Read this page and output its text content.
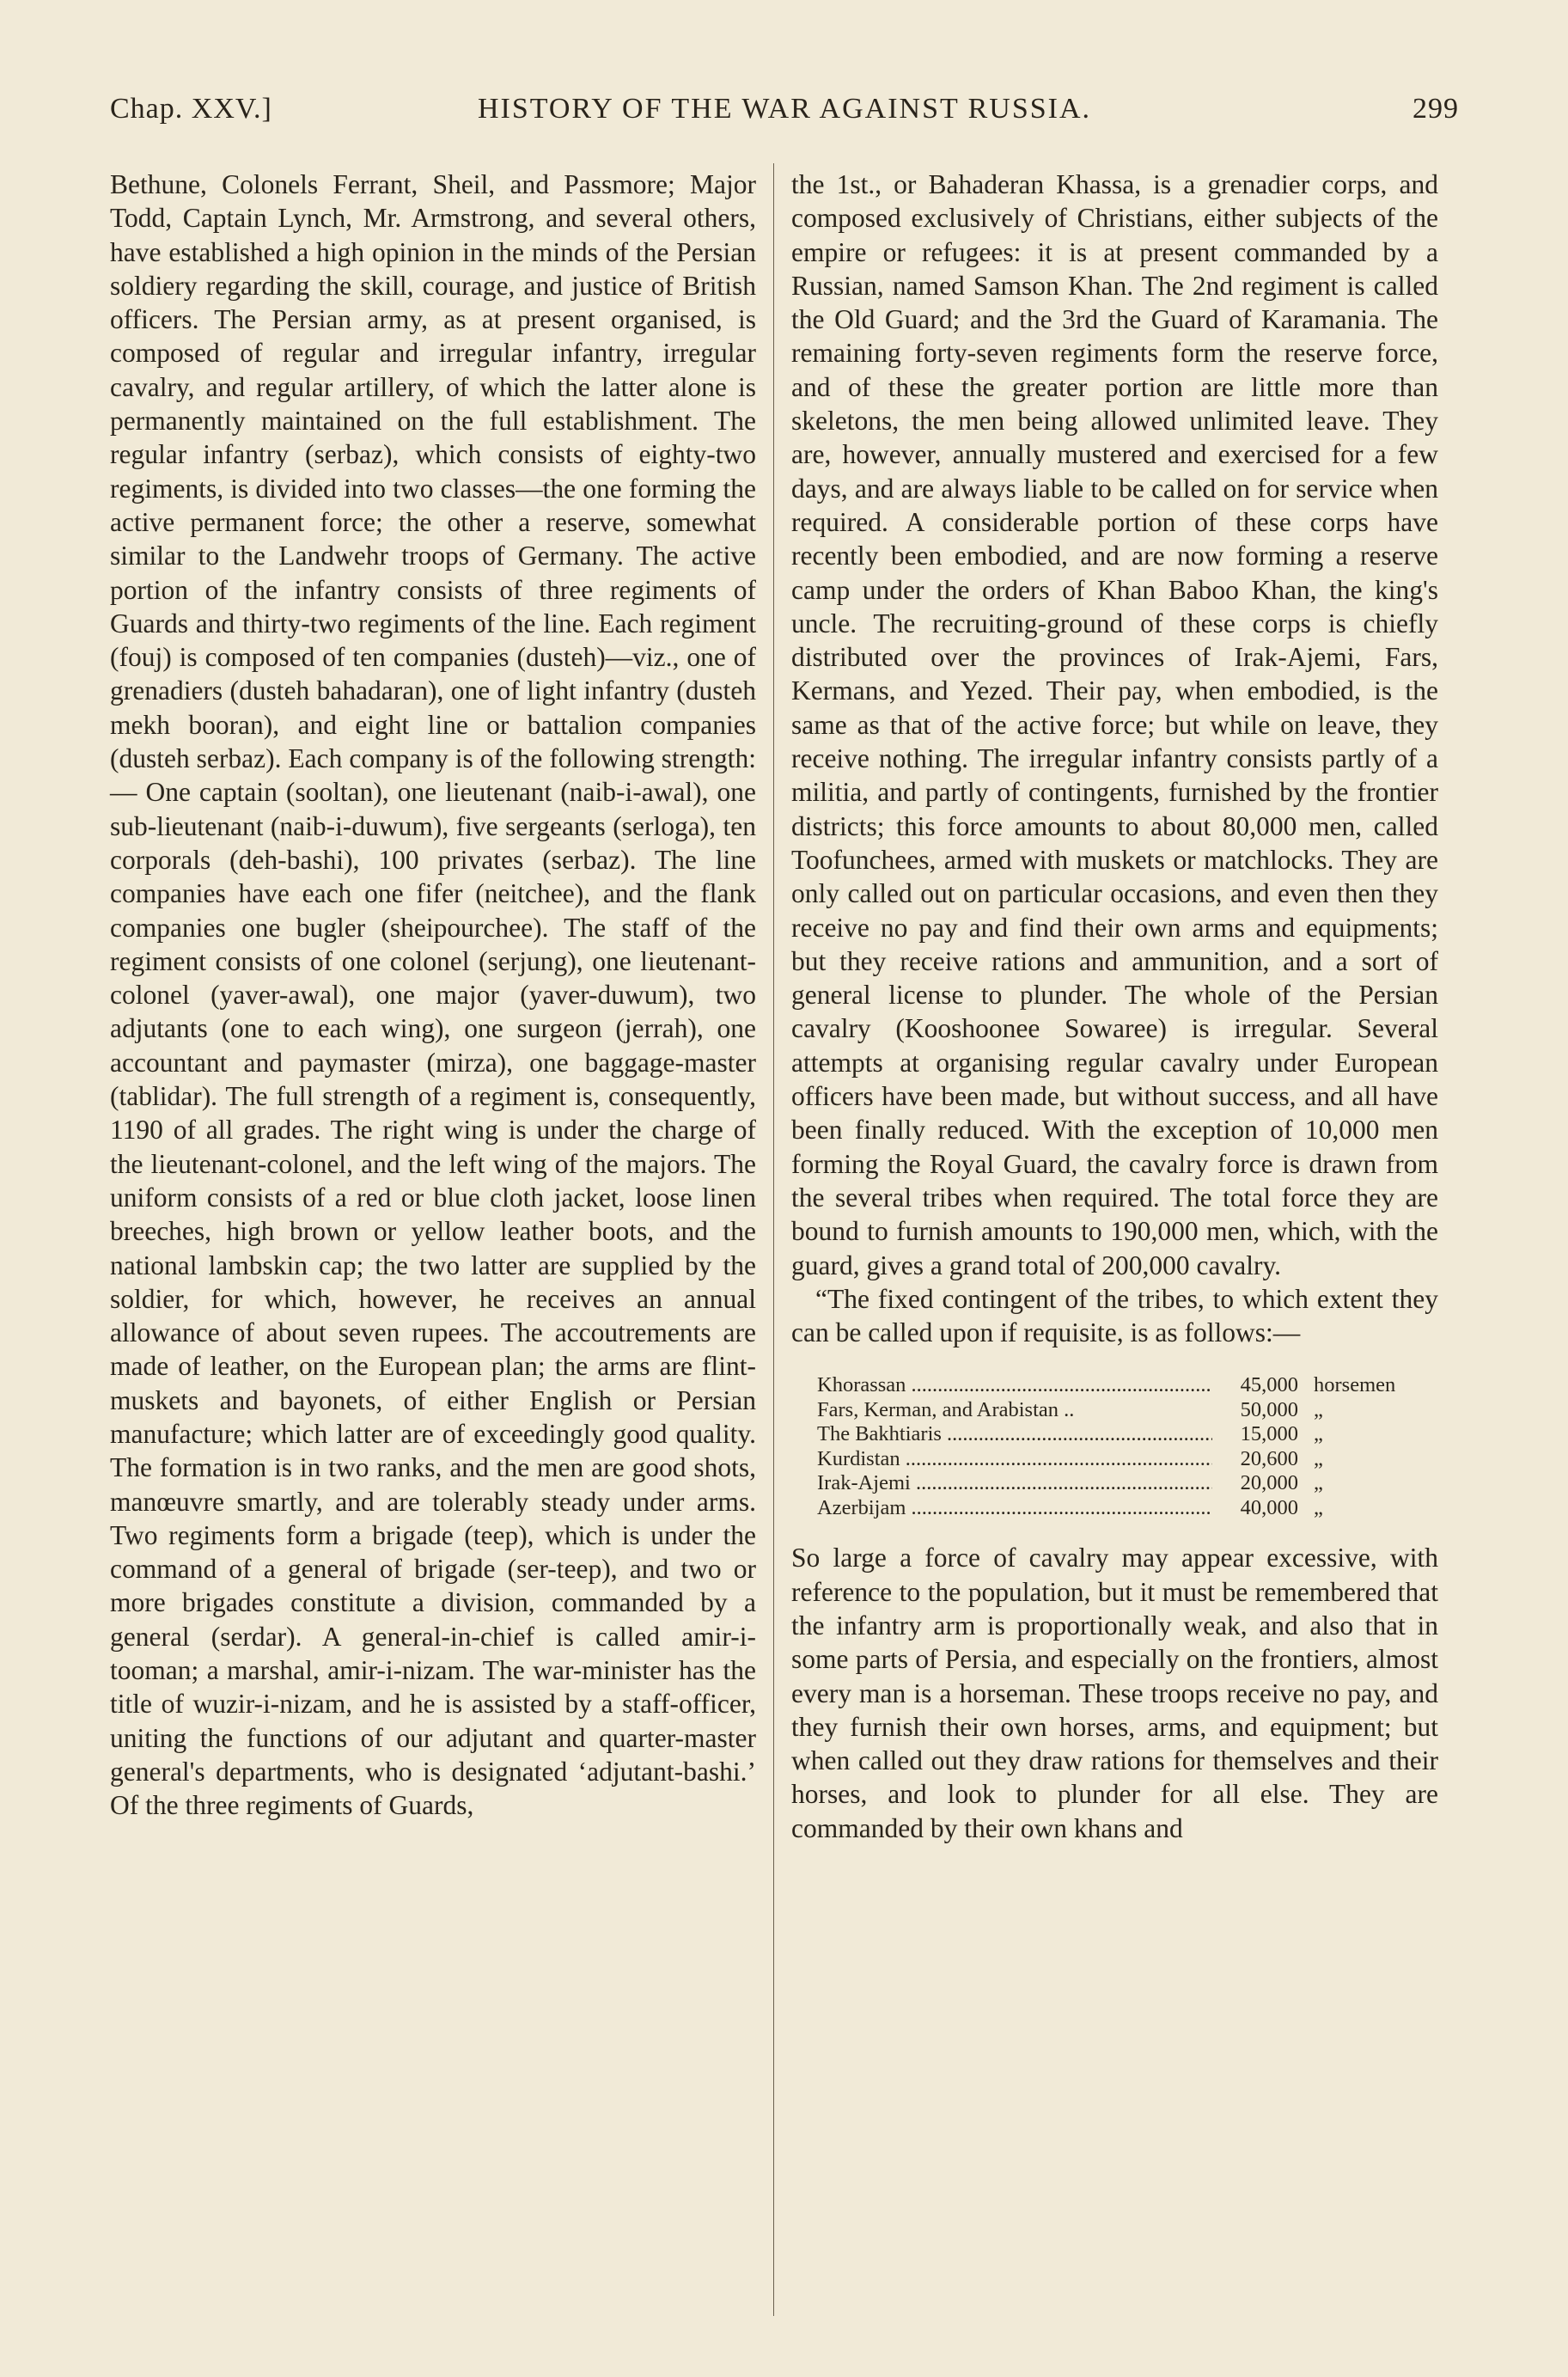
Chap. XXV.]	HISTORY OF THE WAR AGAINST RUSSIA.	299

Bethune, Colonels Ferrant, Sheil, and Passmore; Major Todd, Captain Lynch, Mr. Armstrong, and several others, have established a high opinion in the minds of the Persian soldiery regarding the skill, courage, and justice of British officers. The Persian army, as at present organised, is composed of regular and irregular infantry, irregular cavalry, and regular artillery, of which the latter alone is permanently maintained on the full establishment. The regular infantry (serbaz), which consists of eighty-two regiments, is divided into two classes—the one forming the active permanent force; the other a reserve, somewhat similar to the Landwehr troops of Germany. The active portion of the infantry consists of three regiments of Guards and thirty-two regiments of the line. Each regiment (fouj) is composed of ten companies (dusteh)—viz., one of grenadiers (dusteh bahadaran), one of light infantry (dusteh mekh booran), and eight line or battalion companies (dusteh serbaz). Each company is of the following strength: — One captain (sooltan), one lieutenant (naib-i-awal), one sub-lieutenant (naib-i-duwum), five sergeants (serloga), ten corporals (deh-bashi), 100 privates (serbaz). The line companies have each one fifer (neitchee), and the flank companies one bugler (sheipourchee). The staff of the regiment consists of one colonel (serjung), one lieutenant-colonel (yaver-awal), one major (yaver-duwum), two adjutants (one to each wing), one surgeon (jerrah), one accountant and paymaster (mirza), one baggage-master (tablidar). The full strength of a regiment is, consequently, 1190 of all grades. The right wing is under the charge of the lieutenant-colonel, and the left wing of the majors. The uniform consists of a red or blue cloth jacket, loose linen breeches, high brown or yellow leather boots, and the national lambskin cap; the two latter are supplied by the soldier, for which, however, he receives an annual allowance of about seven rupees. The accoutrements are made of leather, on the European plan; the arms are flint-muskets and bayonets, of either English or Persian manufacture; which latter are of exceedingly good quality. The formation is in two ranks, and the men are good shots, manœuvre smartly, and are tolerably steady under arms. Two regiments form a brigade (teep), which is under the command of a general of brigade (ser-teep), and two or more brigades constitute a division, commanded by a general (serdar). A general-in-chief is called amir-i-tooman; a marshal, amir-i-nizam. The war-minister has the title of wuzir-i-nizam, and he is assisted by a staff-officer, uniting the functions of our adjutant and quarter-master general's departments, who is designated ‘adjutant-bashi.’ Of the three regiments of Guards,

the 1st., or Bahaderan Khassa, is a grenadier corps, and composed exclusively of Christians, either subjects of the empire or refugees: it is at present commanded by a Russian, named Samson Khan. The 2nd regiment is called the Old Guard; and the 3rd the Guard of Karamania. The remaining forty-seven regiments form the reserve force, and of these the greater portion are little more than skeletons, the men being allowed unlimited leave. They are, however, annually mustered and exercised for a few days, and are always liable to be called on for service when required. A considerable portion of these corps have recently been embodied, and are now forming a reserve camp under the orders of Khan Baboo Khan, the king's uncle. The recruiting-ground of these corps is chiefly distributed over the provinces of Irak-Ajemi, Fars, Kermans, and Yezed. Their pay, when embodied, is the same as that of the active force; but while on leave, they receive nothing. The irregular infantry consists partly of a militia, and partly of contingents, furnished by the frontier districts; this force amounts to about 80,000 men, called Toofunchees, armed with muskets or matchlocks. They are only called out on particular occasions, and even then they receive no pay and find their own arms and equipments; but they receive rations and ammunition, and a sort of general license to plunder. The whole of the Persian cavalry (Kooshoonee Sowaree) is irregular. Several attempts at organising regular cavalry under European officers have been made, but without success, and all have been finally reduced. With the exception of 10,000 men forming the Royal Guard, the cavalry force is drawn from the several tribes when required. The total force they are bound to furnish amounts to 190,000 men, which, with the guard, gives a grand total of 200,000 cavalry.

“The fixed contingent of the tribes, to which extent they can be called upon if requisite, is as follows:—

Khorassan .....	45,000	horsemen

Fars, Kerman, and Arabistan ..	50,000	„

The Bakhtiaris .....	15,000	„

Kurdistan .....	20,600	„

Irak-Ajemi .....	20,000	„

Azerbijam .....	40,000	„

So large a force of cavalry may appear excessive, with reference to the population, but it must be remembered that the infantry arm is proportionally weak, and also that in some parts of Persia, and especially on the frontiers, almost every man is a horseman. These troops receive no pay, and they furnish their own horses, arms, and equipment; but when called out they draw rations for themselves and their horses, and look to plunder for all else. They are commanded by their own khans and
